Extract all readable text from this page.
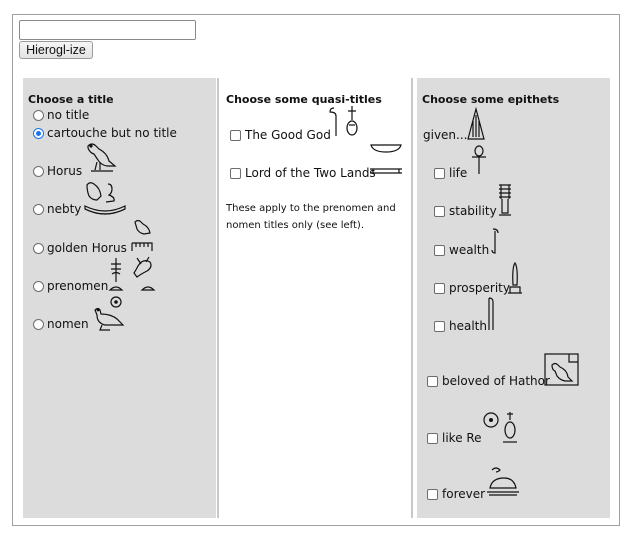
Hierogl-ize
Choose a title
no title
cartouche but no title
Horus
nebty
golden Horus
prenomen
nomen
Choose some quasi-titles
The Good God
Lord of the Two Lands
These apply to the prenomen and nomen titles only (see left).
Choose some epithets
given...
life
stability
wealth
prosperity
health
beloved of Hathor
like Re
forever
